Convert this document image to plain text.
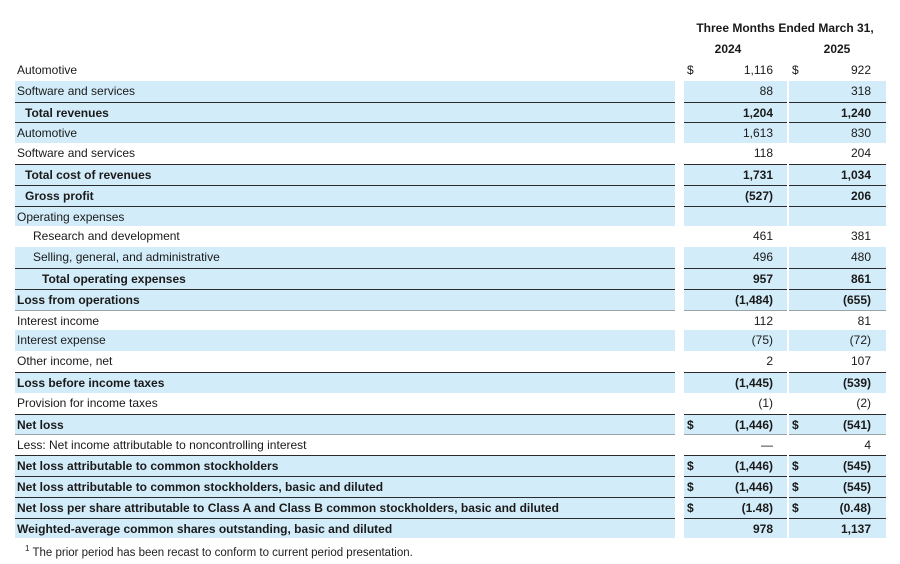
Three Months Ended March 31,
2024	2025
Automotive	$	1,116 $	922
Software and services	88	318
Total revenues	1,204	1,240
Automotive	1,613	830
Software and services	118	204
Total cost of revenues	1,731	1,034
Gross profit	(527)	206
Operating expenses
Research and development	461	381
Selling, general, and administrative	496	480
Total operating expenses	957	861
Loss from operations	(1,484)	(655)
Interest income	112	81
Interest expense	(75)	(72)
Other income, net	2	107
Loss before income taxes	(1,445)	(539)
Provision for income taxes	(1)	(2)
Net loss	$	(1,446) $	(541)
Less: Net income attributable to noncontrolling interest	—	4
Net loss attributable to common stockholders	$	(1,446) $	(545)
Net loss attributable to common stockholders, basic and diluted	$	(1,446) $	(545)
Net loss per share attributable to Class A and Class B common stockholders, basic and diluted	$	(1.48) $	(0.48)
Weighted-average common shares outstanding, basic and diluted	978	1,137
$^1$ The prior period has been recast to conform to current period presentation.
